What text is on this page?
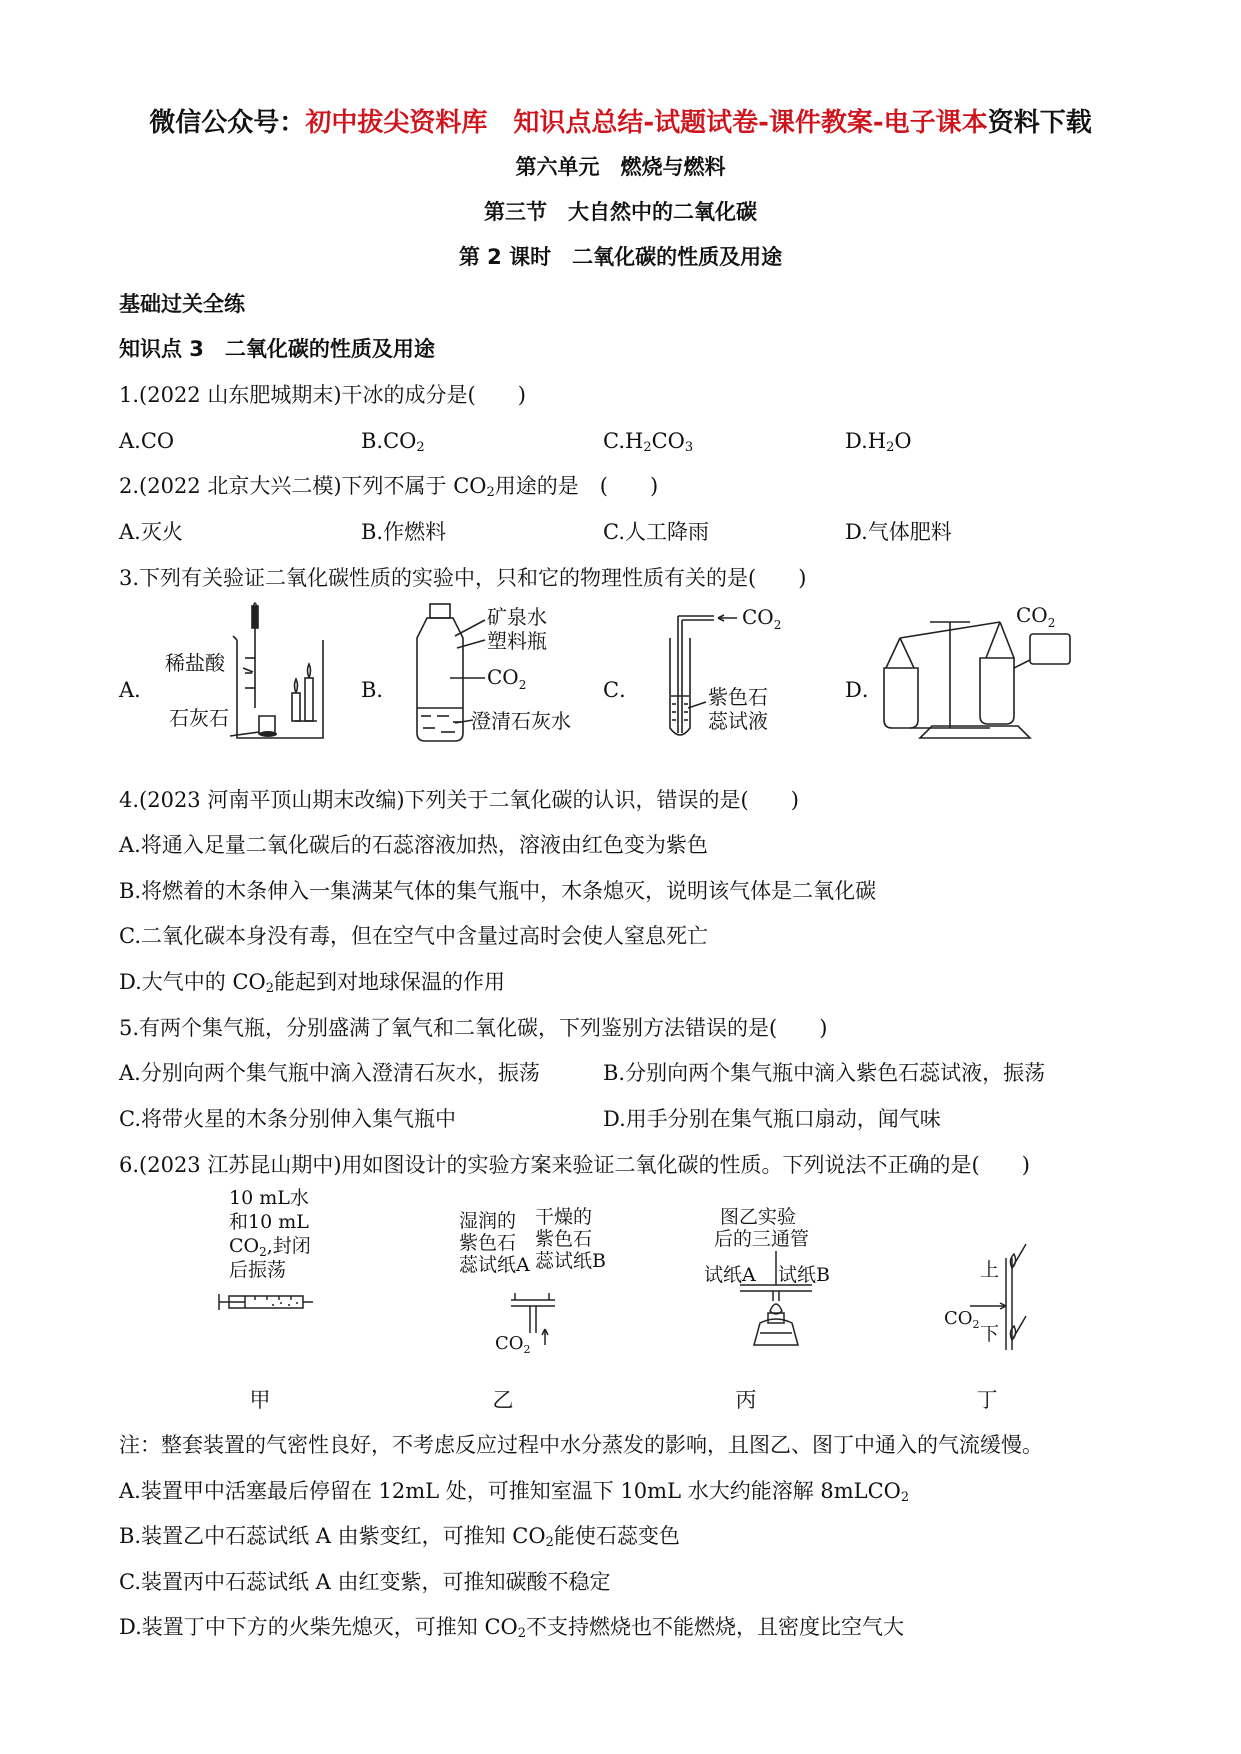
微信公众号：初中拔尖资料库　知识点总结-试题试卷-课件教案-电子课本资料下载
第六单元　燃烧与燃料
第三节　大自然中的二氧化碳
第 2 课时　二氧化碳的性质及用途
基础过关全练
知识点 3　二氧化碳的性质及用途
1.(2022 山东肥城期末)干冰的成分是(　　)
A.CO	$B.CO_2$	$C.H_2CO_3$	$D.H_2O$
2.(2022 北京大兴二模)下列不属于 $CO_2$用途的是　(　　)
A.灭火	B.作燃料	C.人工降雨	D.气体肥料
3.下列有关验证二氧化碳性质的实验中，只和它的物理性质有关的是(　　)
A．	B．	C．	D．
稀盐酸
石灰石
矿泉水
塑料瓶
$CO_2$
澄清石灰水
$CO_2$
紫色石
蕊试液
$CO_2$
4.(2023 河南平顶山期末改编)下列关于二氧化碳的认识，错误的是(　　)
A.将通入足量二氧化碳后的石蕊溶液加热，溶液由红色变为紫色
B.将燃着的木条伸入一集满某气体的集气瓶中，木条熄灭，说明该气体是二氧化碳
C.二氧化碳本身没有毒，但在空气中含量过高时会使人窒息死亡
D.大气中的 $CO_2$能起到对地球保温的作用
5.有两个集气瓶，分别盛满了氧气和二氧化碳，下列鉴别方法错误的是(　　)
A.分别向两个集气瓶中滴入澄清石灰水，振荡	B.分别向两个集气瓶中滴入紫色石蕊试液，振荡
C.将带火星的木条分别伸入集气瓶中	D.用手分别在集气瓶口扇动，闻气味
6.(2023 江苏昆山期中)用如图设计的实验方案来验证二氧化碳的性质。下列说法不正确的是(　　)
10 mL水
和10 mL
$CO_2$,封闭
后振荡
甲
湿润的
紫色石
蕊试纸A
干燥的
紫色石
蕊试纸B
$CO_2$
乙
图乙实验
后的三通管
试纸A 试纸B
丙
上
下
$CO_2$
丁
注：整套装置的气密性良好，不考虑反应过程中水分蒸发的影响，且图乙、图丁中通入的气流缓慢。
A.装置甲中活塞最后停留在 12mL 处，可推知室温下 10mL 水大约能溶解 8mLCO$_2$
B.装置乙中石蕊试纸 A 由紫变红，可推知 $CO_2$能使石蕊变色
C.装置丙中石蕊试纸 A 由红变紫，可推知碳酸不稳定
D.装置丁中下方的火柴先熄灭，可推知 $CO_2$不支持燃烧也不能燃烧，且密度比空气大
